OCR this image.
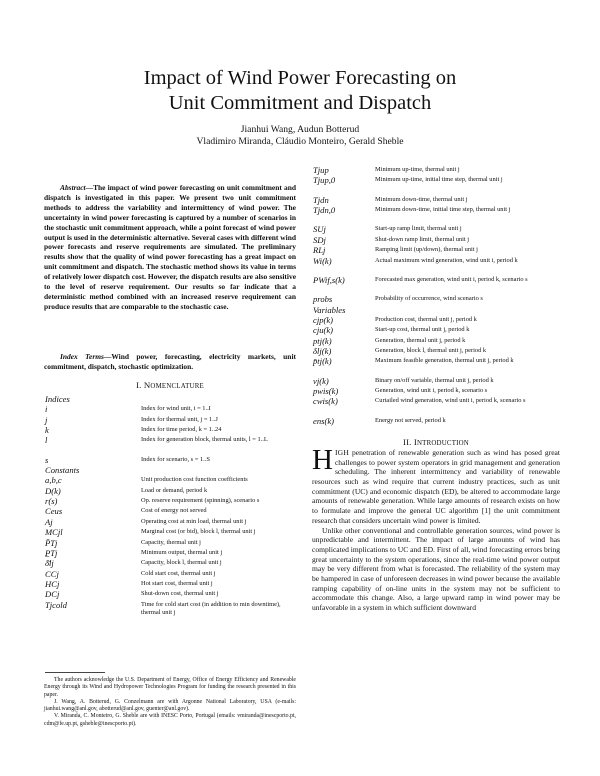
Impact of Wind Power Forecasting on
Unit Commitment and Dispatch
Jianhui Wang, Audun Botterud
Vladimiro Miranda, Cláudio Monteiro, Gerald Sheble
Abstract—The impact of wind power forecasting on unit commitment and dispatch is investigated in this paper. We present two unit commitment methods to address the variability and intermittency of wind power. The uncertainty in wind power forecasting is captured by a number of scenarios in the stochastic unit commitment approach, while a point forecast of wind power output is used in the deterministic alternative. Several cases with different wind power forecasts and reserve requirements are simulated. The preliminary results show that the quality of wind power forecasting has a great impact on unit commitment and dispatch. The stochastic method shows its value in terms of relatively lower dispatch cost. However, the dispatch results are also sensitive to the level of reserve requirement. Our results so far indicate that a deterministic method combined with an increased reserve requirement can produce results that are comparable to the stochastic case.
Index Terms—Wind power, forecasting, electricity markets, unit commitment, dispatch, stochastic optimization.
I. NOMENCLATURE
Indices
i	Index for wind unit, i = 1..I
j	Index for thermal unit, j = 1..J
k	Index for time period, k = 1..24
l	Index for generation block, thermal units, l = 1..L
s	Index for scenario, s = 1..S
Constants
a,b,c	Unit production cost function coefficients
D(k)	Load or demand, period k
r(s)	Op. reserve requirement (spinning), scenario s
Ceus	Cost of energy not served
Aj	Operating cost at min load, thermal unit j
MCjl	Marginal cost (or bid), block l, thermal unit j
P̄Tj	Capacity, thermal unit j
P̲Tj	Minimum output, thermal unit j
δ̄lj	Capacity, block l, thermal unit j
CCj	Cold start cost, thermal unit j
HCj	Hot start cost, thermal unit j
DCj	Shut-down cost, thermal unit j
Tjcold	Time for cold start cost (in addition to min downtime), thermal unit j
Tjup	Minimum up-time, thermal unit j
Tjup,0	Minimum up-time, initial time step, thermal unit j
Tjdn	Minimum down-time, thermal unit j
Tjdn,0	Minimum down-time, initial time step, thermal unit j
SUj	Start-up ramp limit, thermal unit j
SDj	Shut-down ramp limit, thermal unit j
RLj	Ramping limit (up/down), thermal unit j
Wi(k)	Actual maximum wind generation, wind unit i, period k
PWif,s(k)	Forecasted max generation, wind unit i, period k, scenario s
probs	Probability of occurrence, wind scenario s
Variables
cjp(k)	Production cost, thermal unit j, period k
cju(k)	Start-up cost, thermal unit j, period k
ptj(k)	Generation, thermal unit j, period k
δlj(k)	Generation, block l, thermal unit j, period k
p̄tj(k)	Maximum feasible generation, thermal unit j, period k
vj(k)	Binary on/off variable, thermal unit j, period k
pwis(k)	Generation, wind unit i, period k, scenario s
cwis(k)	Curtailed wind generation, wind unit i, period k, scenario s
ens(k)	Energy not served, period k

The authors acknowledge the U.S. Department of Energy, Office of Energy Efficiency and Renewable Energy through its Wind and Hydropower Technologies Program for funding the research presented in this paper.

J. Wang, A. Botterud, G. Conzelmann are with Argonne National Laboratory, USA (e-mails: jianhui.wang@anl.gov, abotterud@anl.gov, guenter@anl.gov).

V. Miranda, C. Monteiro, G. Sheble are with INESC Porto, Portugal (emails: vmiranda@inescporto.pt, cdm@fe.up.pt, gsheble@inescporto.pt).

II. INTRODUCTION

HIGH penetration of renewable generation such as wind has posed great challenges to power system operators in grid management and generation scheduling. The inherent intermittency and variability of renewable resources such as wind require that current industry practices, such as unit commitment (UC) and economic dispatch (ED), be altered to accommodate large amounts of renewable generation. While large amounts of research exists on how to formulate and improve the general UC algorithm [1] the unit commitment research that considers uncertain wind power is limited.

Unlike other conventional and controllable generation sources, wind power is unpredictable and intermittent. The impact of large amounts of wind has complicated implications to UC and ED. First of all, wind forecasting errors bring great uncertainty to the system operations, since the real-time wind power output may be very different from what is forecasted. The reliability of the system may be hampered in case of unforeseen decreases in wind power because the available ramping capability of on-line units in the system may not be sufficient to accommodate this change. Also, a large upward ramp in wind power may be unfavorable in a system in which sufficient downward
